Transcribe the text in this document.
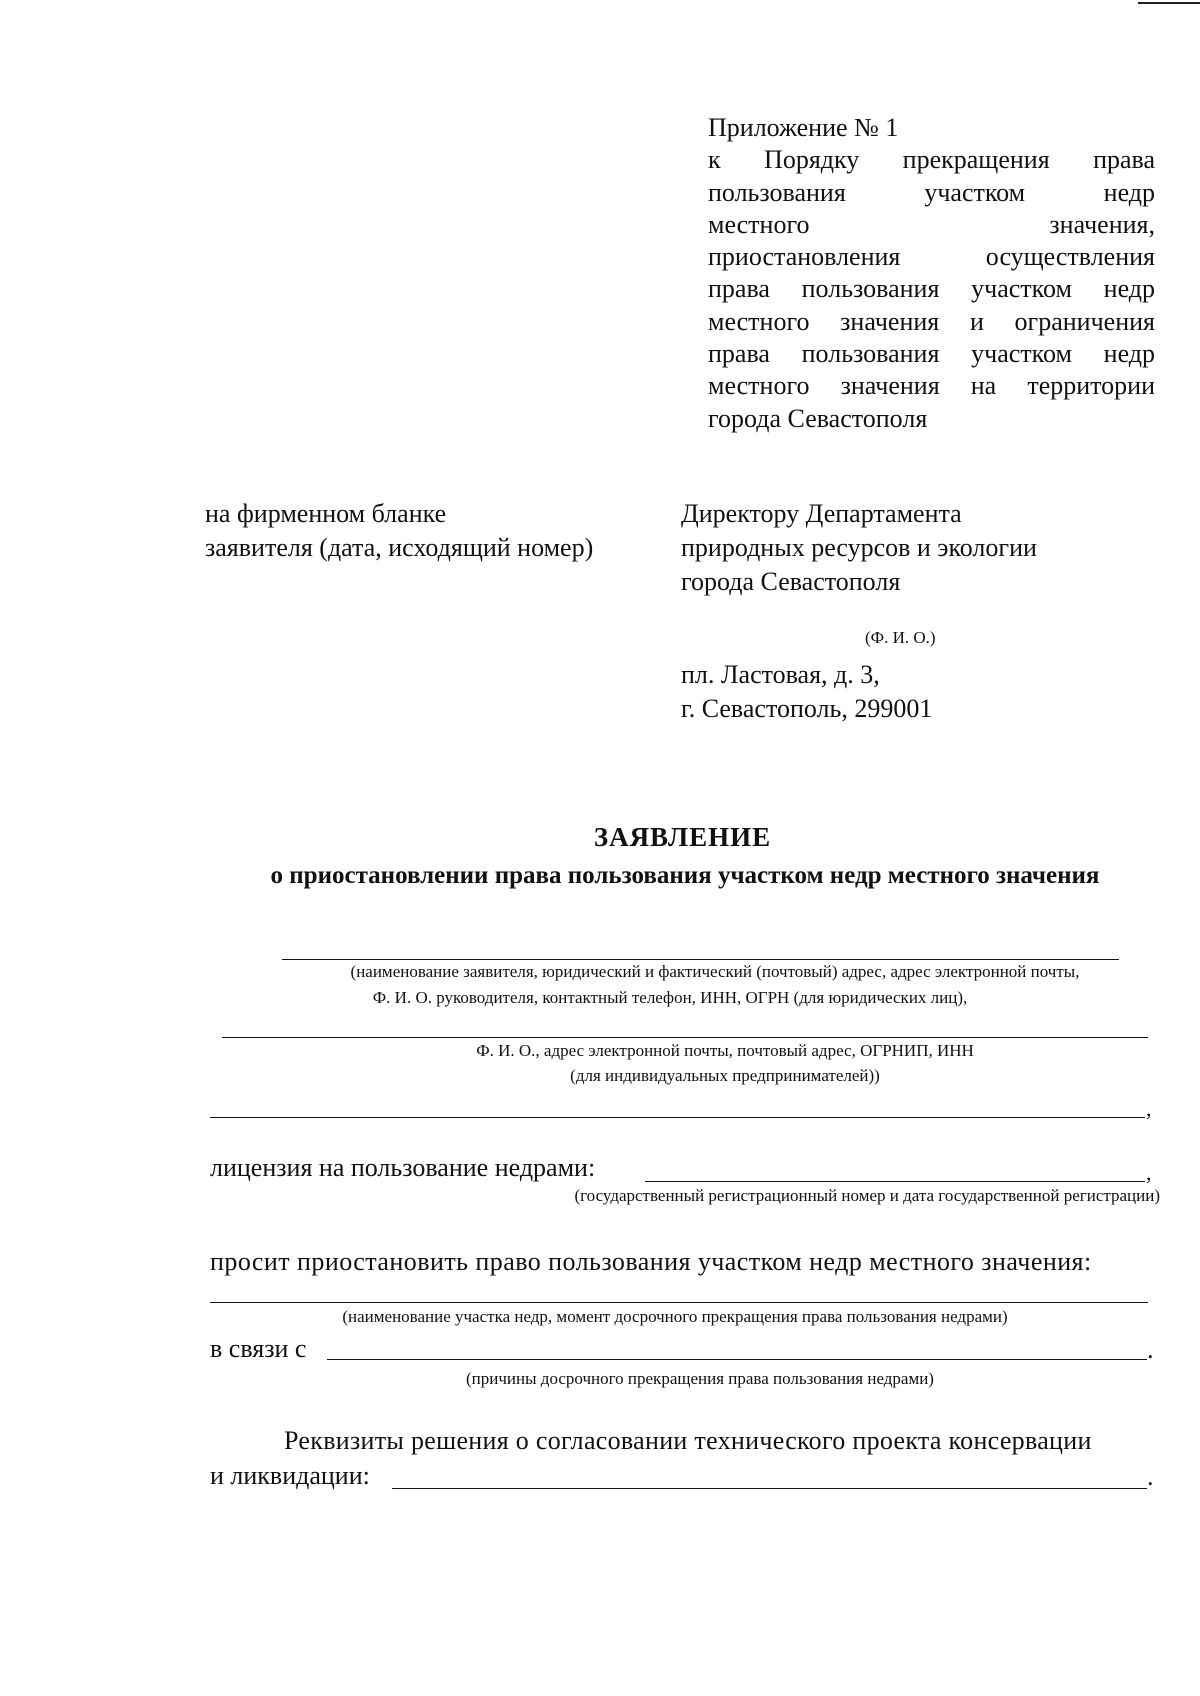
Приложение № 1
к Порядку прекращения права
пользования участком недр
местного значения,
приостановления осуществления
права пользования участком недр
местного значения и ограничения
права пользования участком недр
местного значения на территории
города Севастополя
на фирменном бланке
заявителя (дата, исходящий номер)
Директору Департамента
природных ресурсов и экологии
города Севастополя
(Ф. И. О.)
пл. Ластовая, д. 3,
г. Севастополь, 299001
ЗАЯВЛЕНИЕ
о приостановлении права пользования участком недр местного значения
(наименование заявителя, юридический и фактический (почтовый) адрес, адрес электронной почты,
Ф. И. О. руководителя, контактный телефон, ИНН, ОГРН (для юридических лиц),
Ф. И. О., адрес электронной почты, почтовый адрес, ОГРНИП, ИНН
(для индивидуальных предпринимателей))
,
лицензия на пользование недрами:	,
(государственный регистрационный номер и дата государственной регистрации)
просит приостановить право пользования участком недр местного значения:
(наименование участка недр, момент досрочного прекращения права пользования недрами)
в связи с	.
(причины досрочного прекращения права пользования недрами)
Реквизиты решения о согласовании технического проекта консервации
и ликвидации:	.
